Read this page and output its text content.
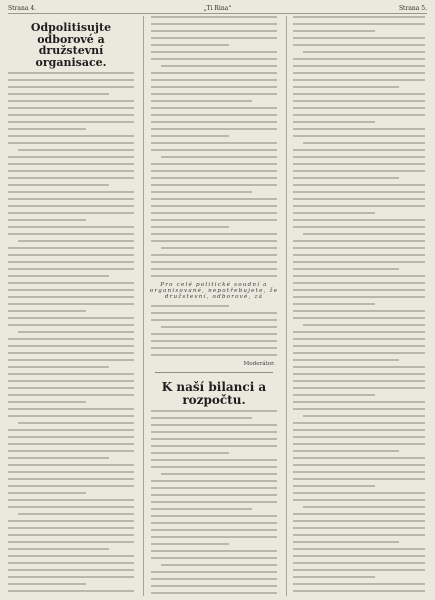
Strana 4.	„Ti Rina“	Strana 5.
Odpolitisujte odborové a družstevní organisace.
Pro celé politické soudní a organisované, nepotřebujete, že družstevní, odborové, zá
Moderátor.
K naší bilanci a rozpočtu.
